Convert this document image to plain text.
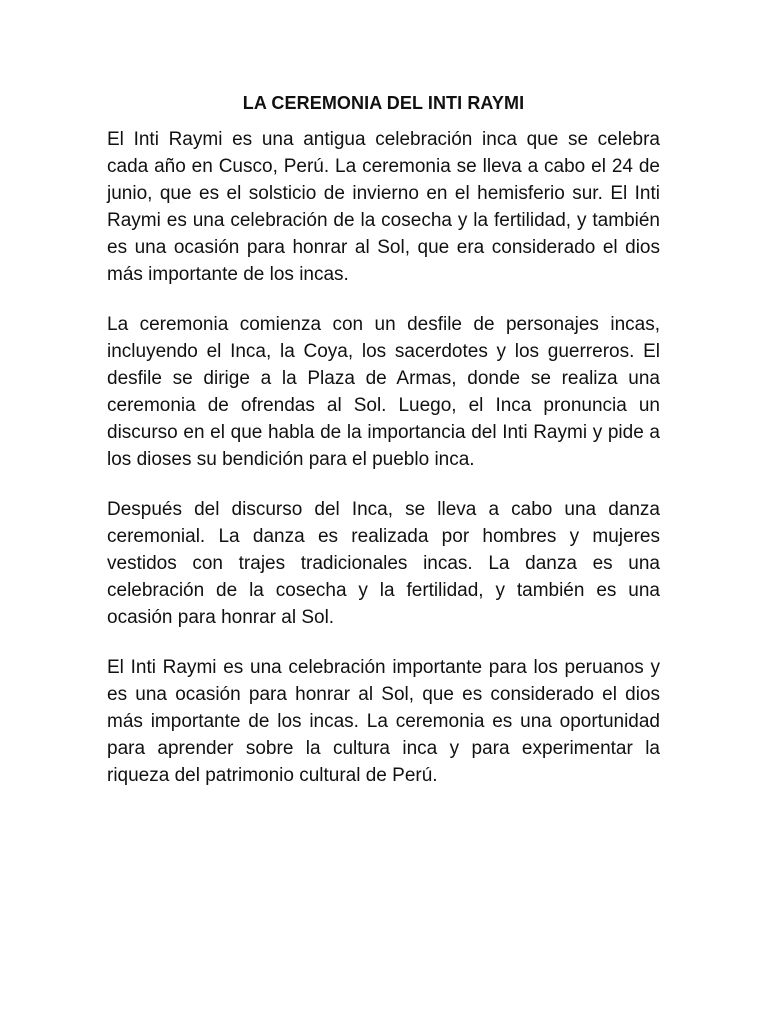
LA CEREMONIA DEL INTI RAYMI

El Inti Raymi es una antigua celebración inca que se celebra cada año en Cusco, Perú. La ceremonia se lleva a cabo el 24 de junio, que es el solsticio de invierno en el hemisferio sur. El Inti Raymi es una celebración de la cosecha y la fertilidad, y también es una ocasión para honrar al Sol, que era considerado el dios más importante de los incas.

La ceremonia comienza con un desfile de personajes incas, incluyendo el Inca, la Coya, los sacerdotes y los guerreros. El desfile se dirige a la Plaza de Armas, donde se realiza una ceremonia de ofrendas al Sol. Luego, el Inca pronuncia un discurso en el que habla de la importancia del Inti Raymi y pide a los dioses su bendición para el pueblo inca.

Después del discurso del Inca, se lleva a cabo una danza ceremonial. La danza es realizada por hombres y mujeres vestidos con trajes tradicionales incas. La danza es una celebración de la cosecha y la fertilidad, y también es una ocasión para honrar al Sol.

El Inti Raymi es una celebración importante para los peruanos y es una ocasión para honrar al Sol, que es considerado el dios más importante de los incas. La ceremonia es una oportunidad para aprender sobre la cultura inca y para experimentar la riqueza del patrimonio cultural de Perú.
